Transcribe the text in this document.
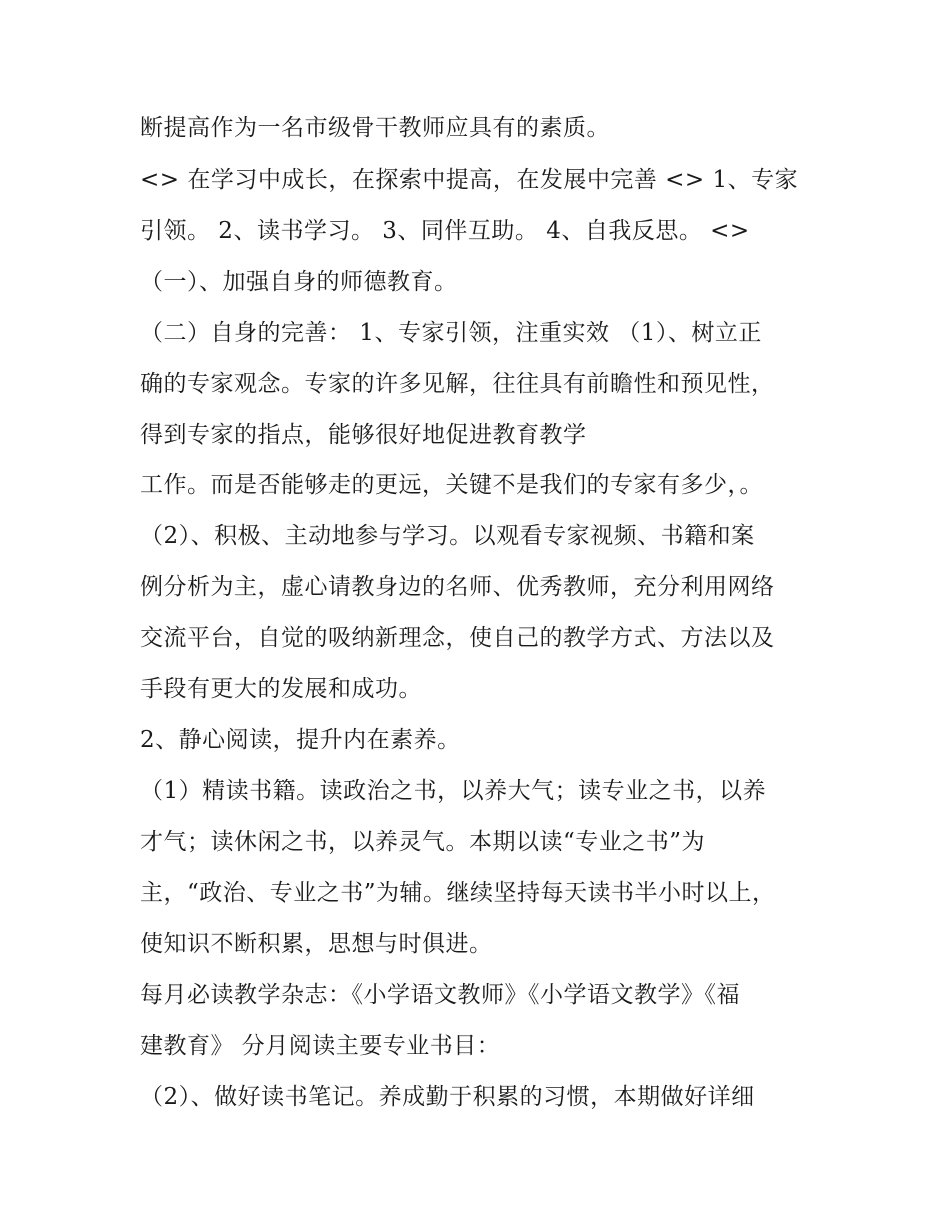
断提高作为一名市级骨干教师应具有的素质。
<> 在学习中成长，在探索中提高，在发展中完善 <> 1、专家
引领。 2、读书学习。 3、同伴互助。 4、自我反思。 <>
（一）、加强自身的师德教育。
（二）自身的完善： 1、专家引领，注重实效 （1）、树立正
确的专家观念。专家的许多见解，往往具有前瞻性和预见性，
得到专家的指点，能够很好地促进教育教学
工作。而是否能够走的更远，关键不是我们的专家有多少，。
（2）、积极、主动地参与学习。以观看专家视频、书籍和案
例分析为主，虚心请教身边的名师、优秀教师，充分利用网络
交流平台，自觉的吸纳新理念，使自己的教学方式、方法以及
手段有更大的发展和成功。
2、静心阅读，提升内在素养。
（1）精读书籍。读政治之书，以养大气；读专业之书，以养
才气；读休闲之书，以养灵气。本期以读“专业之书”为
主，“政治、专业之书”为辅。继续坚持每天读书半小时以上，
使知识不断积累，思想与时俱进。
每月必读教学杂志：《小学语文教师》《小学语文教学》《福
建教育》 分月阅读主要专业书目：
（2）、做好读书笔记。养成勤于积累的习惯，本期做好详细
